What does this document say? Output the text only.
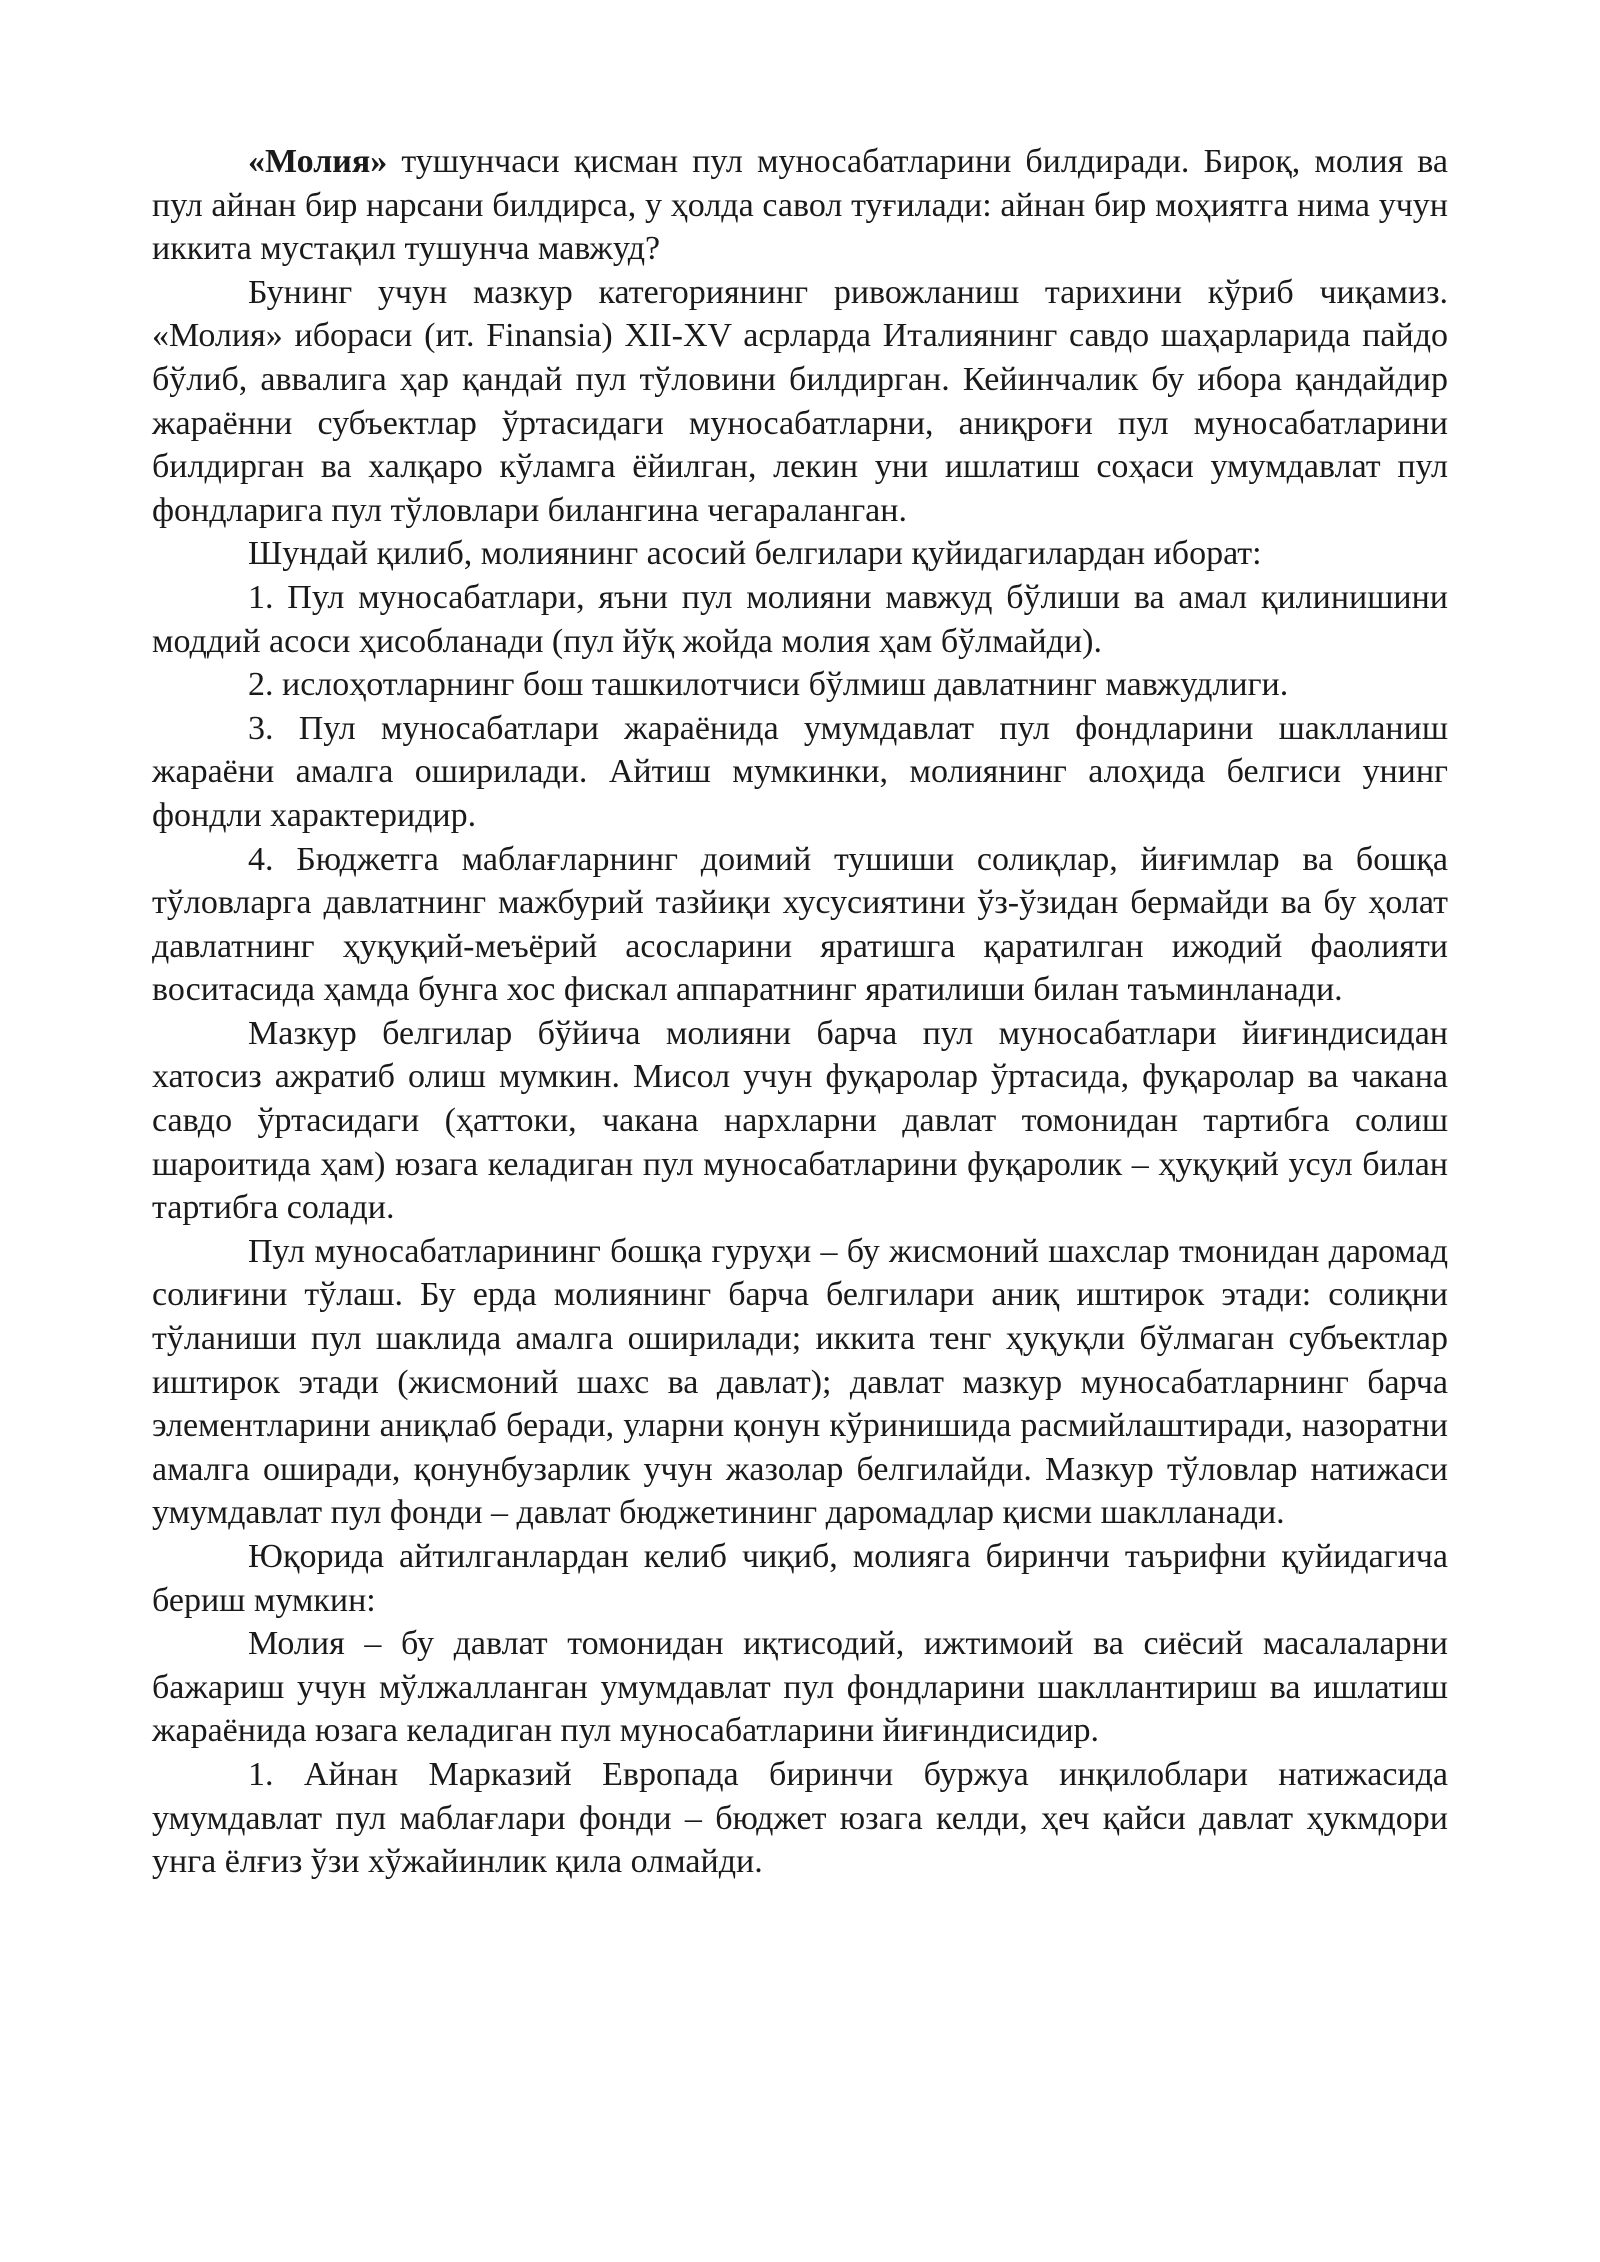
«Молия» тушунчаси қисман пул муносабатларини билдиради. Бироқ, молия ва пул айнан бир нарсани билдирса, у ҳолда савол туғилади: айнан бир моҳиятга нима учун иккита мустақил тушунча мавжуд?

Бунинг учун мазкур категориянинг ривожланиш тарихини кўриб чиқамиз. «Молия» ибораси (ит. Finansia) XII-XV асрларда Италиянинг савдо шаҳарларида пайдо бўлиб, аввалига ҳар қандай пул тўловини билдирган. Кейинчалик бу ибора қандайдир жараённи субъектлар ўртасидаги муносабатларни, аниқроғи пул муносабатларини билдирган ва халқаро кўламга ёйилган, лекин уни ишлатиш соҳаси умумдавлат пул фондларига пул тўловлари билангина чегараланган.

Шундай қилиб, молиянинг асосий белгилари қуйидагилардан иборат:

1. Пул муносабатлари, яъни пул молияни мавжуд бўлиши ва амал қилинишини моддий асоси ҳисобланади (пул йўқ жойда молия ҳам бўлмайди).

2. ислоҳотларнинг бош ташкилотчиси бўлмиш давлатнинг мавжудлиги.

3. Пул муносабатлари жараёнида умумдавлат пул фондларини шаклланиш жараёни амалга оширилади. Айтиш мумкинки, молиянинг алоҳида белгиси унинг фондли характеридир.

4. Бюджетга маблағларнинг доимий тушиши солиқлар, йиғимлар ва бошқа тўловларга давлатнинг мажбурий тазйиқи хусусиятини ўз-ўзидан бермайди ва бу ҳолат давлатнинг ҳуқуқий-меъёрий асосларини яратишга қаратилган ижодий фаолияти воситасида ҳамда бунга хос фискал аппаратнинг яратилиши билан таъминланади.

Мазкур белгилар бўйича молияни барча пул муносабатлари йиғиндисидан хатосиз ажратиб олиш мумкин. Мисол учун фуқаролар ўртасида, фуқаролар ва чакана савдо ўртасидаги (ҳаттоки, чакана нархларни давлат томонидан тартибга солиш шароитида ҳам) юзага келадиган пул муносабатларини фуқаролик – ҳуқуқий усул билан тартибга солади.

Пул муносабатларининг бошқа гуруҳи – бу жисмоний шахслар тмонидан даромад солиғини тўлаш. Бу ерда молиянинг барча белгилари аниқ иштирок этади: солиқни тўланиши пул шаклида амалга оширилади; иккита тенг ҳуқуқли бўлмаган субъектлар иштирок этади (жисмоний шахс ва давлат); давлат мазкур муносабатларнинг барча элементларини аниқлаб беради, уларни қонун кўринишида расмийлаштиради, назоратни амалга оширади, қонунбузарлик учун жазолар белгилайди. Мазкур тўловлар натижаси умумдавлат пул фонди – давлат бюджетининг даромадлар қисми шаклланади.

Юқорида айтилганлардан келиб чиқиб, молияга биринчи таърифни қуйидагича бериш мумкин:

Молия – бу давлат томонидан иқтисодий, ижтимоий ва сиёсий масалаларни бажариш учун мўлжалланган умумдавлат пул фондларини шакллантириш ва ишлатиш жараёнида юзага келадиган пул муносабатларини йиғиндисидир.

1. Айнан Марказий Европада биринчи буржуа инқилоблари натижасида умумдавлат пул маблағлари фонди – бюджет юзага келди, ҳеч қайси давлат ҳукмдори унга ёлғиз ўзи хўжайинлик қила олмайди.
